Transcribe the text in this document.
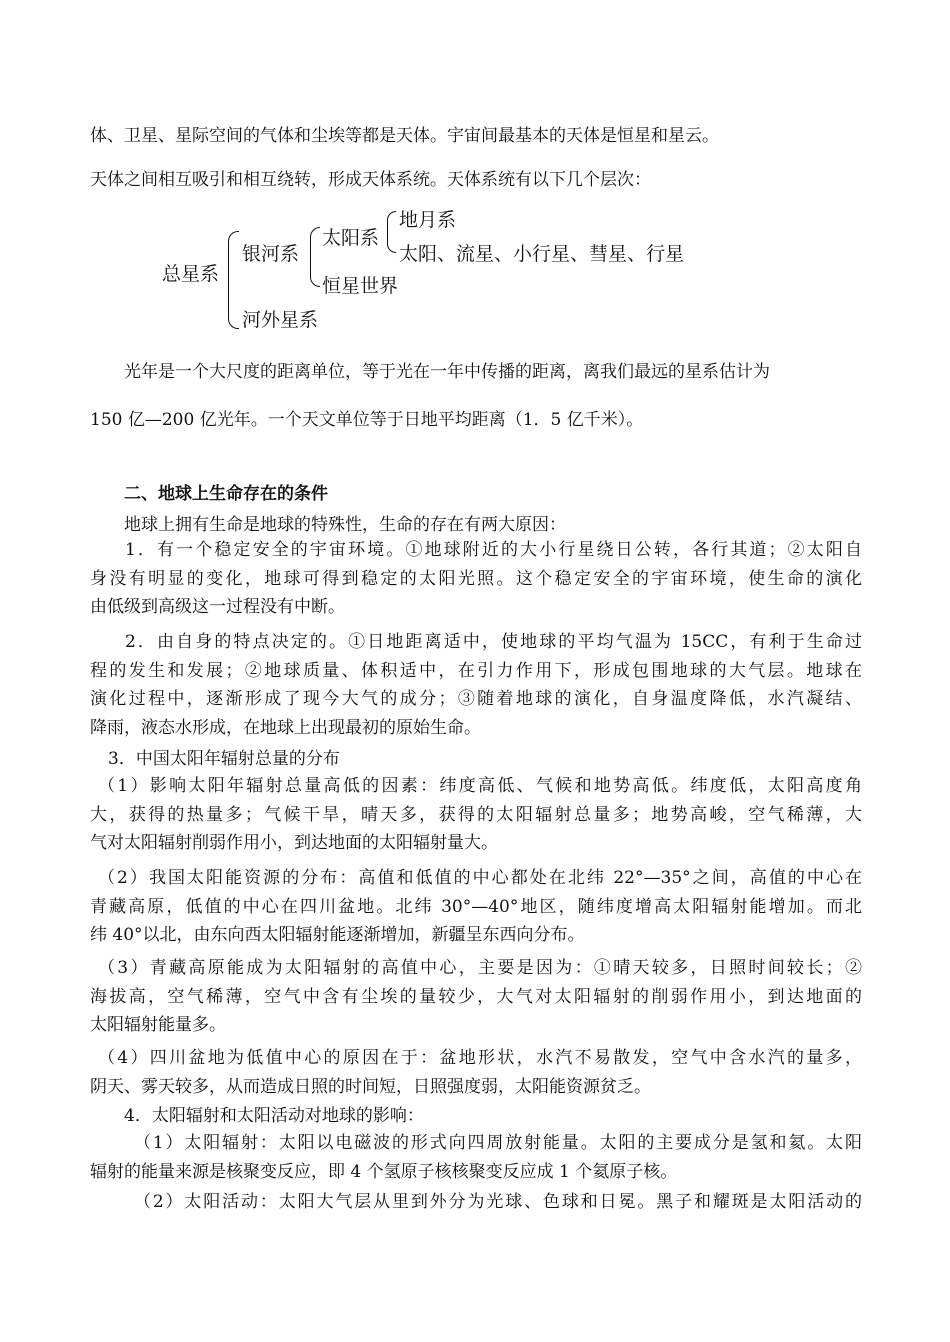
体、卫星、星际空间的气体和尘埃等都是天体。宇宙间最基本的天体是恒星和星云。
天体之间相互吸引和相互绕转，形成天体系统。天体系统有以下几个层次：
总星系
银河系
河外星系
太阳系
恒星世界
地月系
太阳、流星、小行星、彗星、行星
光年是一个大尺度的距离单位，等于光在一年中传播的距离，离我们最远的星系估计为
150 亿—200 亿光年。一个天文单位等于日地平均距离（1．5 亿千米）。
二、地球上生命存在的条件
地球上拥有生命是地球的特殊性，生命的存在有两大原因：
1．有一个稳定安全的宇宙环境。①地球附近的大小行星绕日公转，各行其道；②太阳自
身没有明显的变化，地球可得到稳定的太阳光照。这个稳定安全的宇宙环境，使生命的演化
由低级到高级这一过程没有中断。
2．由自身的特点决定的。①日地距离适中，使地球的平均气温为 15CC，有利于生命过
程的发生和发展；②地球质量、体积适中，在引力作用下，形成包围地球的大气层。地球在
演化过程中，逐渐形成了现今大气的成分；③随着地球的演化，自身温度降低，水汽凝结、
降雨，液态水形成，在地球上出现最初的原始生命。
3．中国太阳年辐射总量的分布
（1）影响太阳年辐射总量高低的因素：纬度高低、气候和地势高低。纬度低，太阳高度角
大，获得的热量多；气候干旱，晴天多，获得的太阳辐射总量多；地势高峻，空气稀薄，大
气对太阳辐射削弱作用小，到达地面的太阳辐射量大。
（2）我国太阳能资源的分布：高值和低值的中心都处在北纬 22°—35°之间，高值的中心在
青藏高原，低值的中心在四川盆地。北纬 30°—40°地区，随纬度增高太阳辐射能增加。而北
纬 40°以北，由东向西太阳辐射能逐渐增加，新疆呈东西向分布。
（3）青藏高原能成为太阳辐射的高值中心，主要是因为：①晴天较多，日照时间较长；②
海拔高，空气稀薄，空气中含有尘埃的量较少，大气对太阳辐射的削弱作用小，到达地面的
太阳辐射能量多。
（4）四川盆地为低值中心的原因在于：盆地形状，水汽不易散发，空气中含水汽的量多，
阴天、雾天较多，从而造成日照的时间短，日照强度弱，太阳能资源贫乏。
4．太阳辐射和太阳活动对地球的影响：
（1）太阳辐射：太阳以电磁波的形式向四周放射能量。太阳的主要成分是氢和氦。太阳
辐射的能量来源是核聚变反应，即 4 个氢原子核核聚变反应成 1 个氦原子核。
（2）太阳活动：太阳大气层从里到外分为光球、色球和日冕。黑子和耀斑是太阳活动的
